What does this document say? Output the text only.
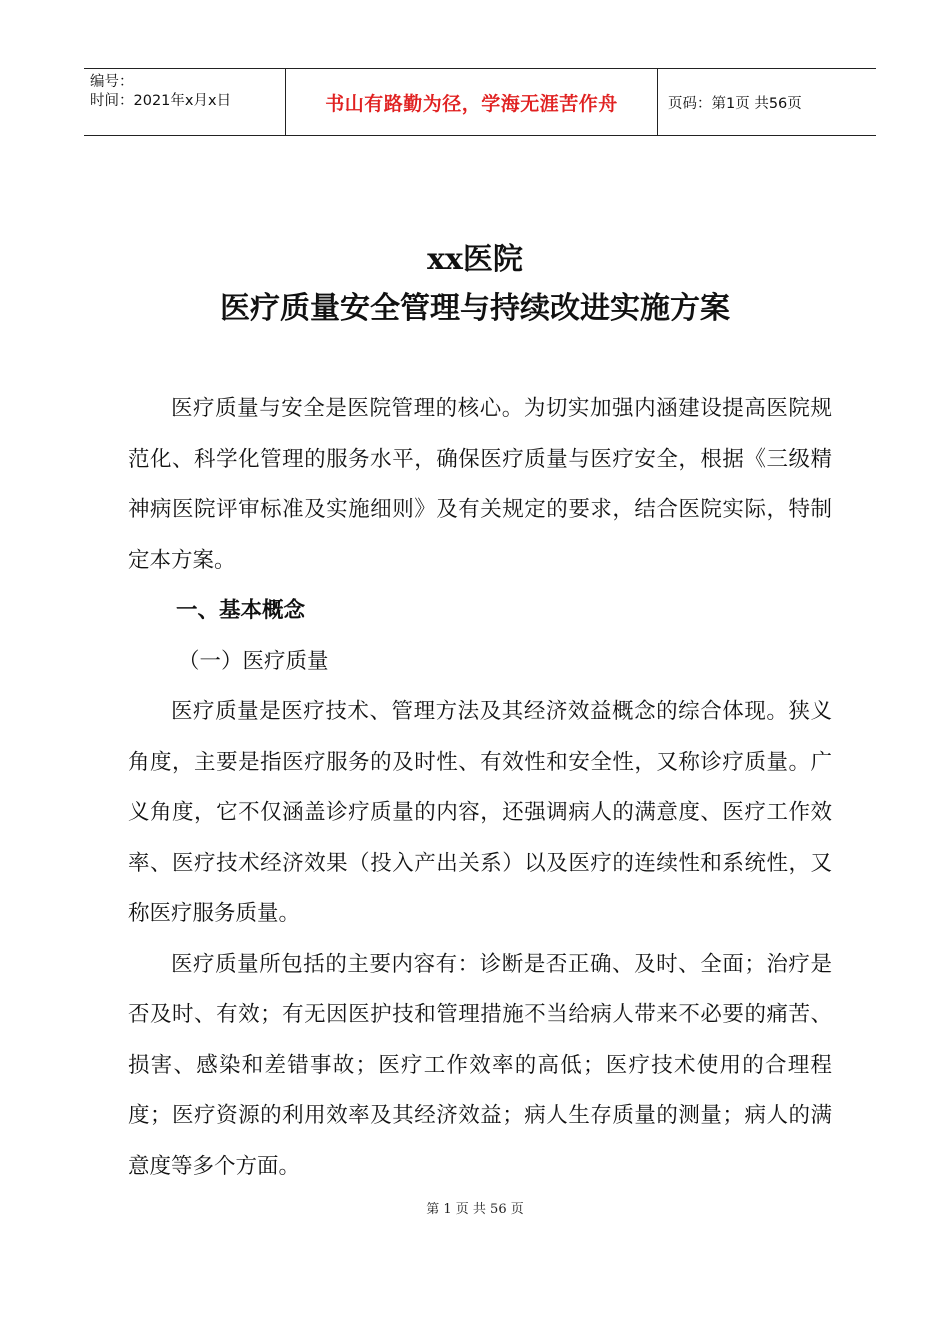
编号：
时间：2021年x月x日	书山有路勤为径，学海无涯苦作舟	页码：第1页 共56页
xx医院
医疗质量安全管理与持续改进实施方案

医疗质量与安全是医院管理的核心。为切实加强内涵建设提高医院规范化、科学化管理的服务水平，确保医疗质量与医疗安全，根据《三级精神病医院评审标准及实施细则》及有关规定的要求，结合医院实际，特制定本方案。

一、基本概念

（一）医疗质量

医疗质量是医疗技术、管理方法及其经济效益概念的综合体现。狭义角度，主要是指医疗服务的及时性、有效性和安全性，又称诊疗质量。广义角度，它不仅涵盖诊疗质量的内容，还强调病人的满意度、医疗工作效率、医疗技术经济效果（投入产出关系）以及医疗的连续性和系统性，又称医疗服务质量。

医疗质量所包括的主要内容有：诊断是否正确、及时、全面；治疗是否及时、有效；有无因医护技和管理措施不当给病人带来不必要的痛苦、损害、感染和差错事故；医疗工作效率的高低；医疗技术使用的合理程度；医疗资源的利用效率及其经济效益；病人生存质量的测量；病人的满意度等多个方面。

第 1 页 共 56 页
